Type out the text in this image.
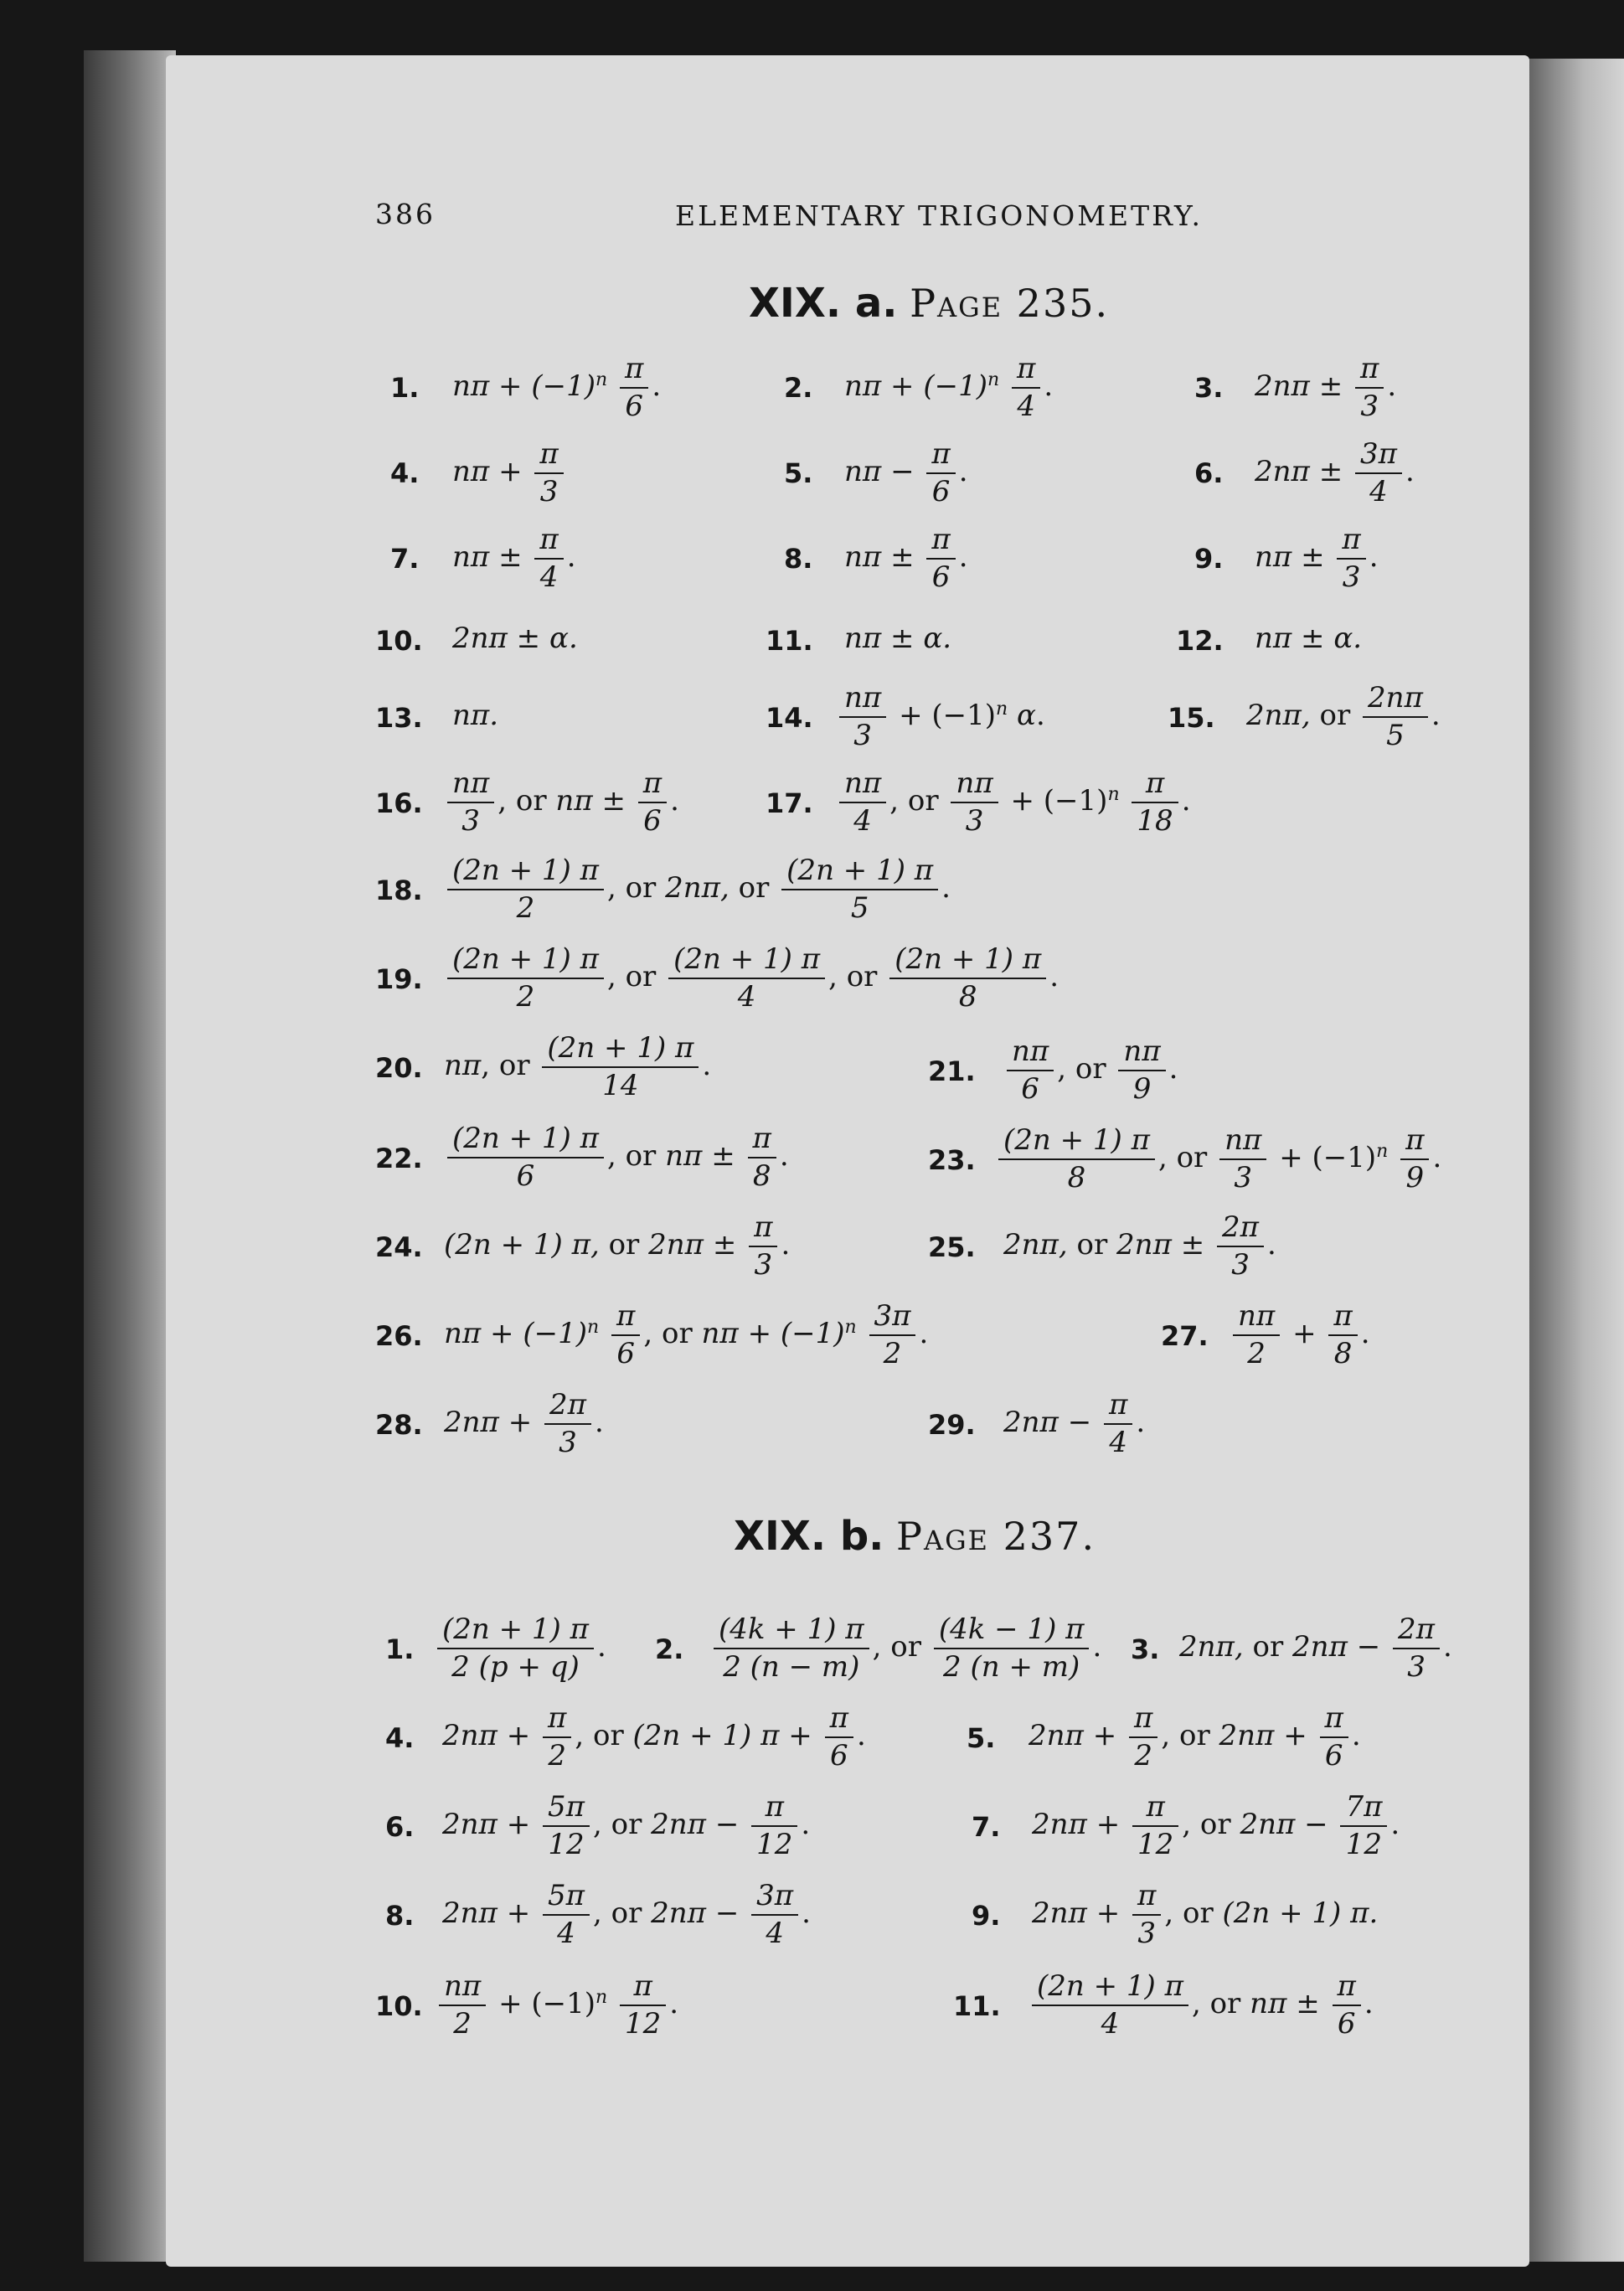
386	ELEMENTARY TRIGONOMETRY.
XIX. a. Page 235.
1. $n\pi + (-1)^n \frac{\pi}{6}$ .	2. $n\pi + (-1)^n \frac{\pi}{4}$ .	3. $2n\pi \pm \frac{\pi}{3}$ .
4. $n\pi + \frac{\pi}{3}$	5. $n\pi - \frac{\pi}{6}$ .	6. $2n\pi \pm \frac{3\pi}{4}$ .
7. $n\pi \pm \frac{\pi}{4}$ .	8. $n\pi \pm \frac{\pi}{6}$ .	9. $n\pi \pm \frac{\pi}{3}$ .
10. 2nπ ± α.	11. nπ ± α.	12. nπ ± α.
13. nπ.	14. $\frac{n\pi}{3} + (-1)^n$ α.	15. 2nπ, or $\frac{2n\pi}{5}$ .
16. $\frac{n\pi}{3}$ , or $n\pi \pm \frac{\pi}{6}$ .	17. $\frac{n\pi}{4}$ , or $\frac{n\pi}{3} + (-1)^n \frac{\pi}{18}$ .
18. $\frac{(2n + 1) \pi}{2}$ , or 2nπ, or $\frac{(2n + 1) \pi}{5}$ .
19. $\frac{(2n + 1) \pi}{2}$ , or $\frac{(2n + 1) \pi}{4}$ , or $\frac{(2n + 1) \pi}{8}$ .
20. nπ, or $\frac{(2n + 1) \pi}{14}$ .	21. $\frac{n\pi}{6}$ , or $\frac{n\pi}{9}$ .
22. $\frac{(2n + 1) \pi}{6}$ , or $n\pi \pm \frac{\pi}{8}$ .	23. $\frac{(2n + 1) \pi}{8}$ , or $\frac{n\pi}{3} + (-1)^n \frac{\pi}{9}$ .
24. (2n + 1) π, or $2n\pi \pm \frac{\pi}{3}$ .	25. 2nπ, or $2n\pi \pm \frac{2\pi}{3}$ .
26. $n\pi + (-1)^n \frac{\pi}{6}$ , or $n\pi + (-1)^n \frac{3\pi}{2}$ .	27. $\frac{n\pi}{2} + \frac{\pi}{8}$ .
28. $2n\pi + \frac{2\pi}{3}$ .	29. $2n\pi - \frac{\pi}{4}$ .
XIX. b. Page 237.
1. $\frac{(2n + 1) \pi}{2 (p + q)}$ . 2. $\frac{(4k + 1) \pi}{2 (n - m)}$ , or $\frac{(4k - 1) \pi}{2 (n + m)}$ . 3. 2nπ, or $2n\pi - \frac{2\pi}{3}$ .
4. $2n\pi + \frac{\pi}{2}$ , or (2n + 1) $\pi + \frac{\pi}{6}$ .	5. $2n\pi + \frac{\pi}{2}$ , or $2n\pi + \frac{\pi}{6}$ .
6. $2n\pi + \frac{5\pi}{12}$ , or $2n\pi - \frac{\pi}{12}$ .	7. $2n\pi + \frac{\pi}{12}$ , or $2n\pi - \frac{7\pi}{12}$ .
8. $2n\pi + \frac{5\pi}{4}$ , or $2n\pi - \frac{3\pi}{4}$ .	9. $2n\pi + \frac{\pi}{3}$ , or (2n + 1) π.
10. $\frac{n\pi}{2} + (-1)^n \frac{\pi}{12}$ .	11. $\frac{(2n + 1) \pi}{4}$ , or $n\pi \pm \frac{\pi}{6}$ .
